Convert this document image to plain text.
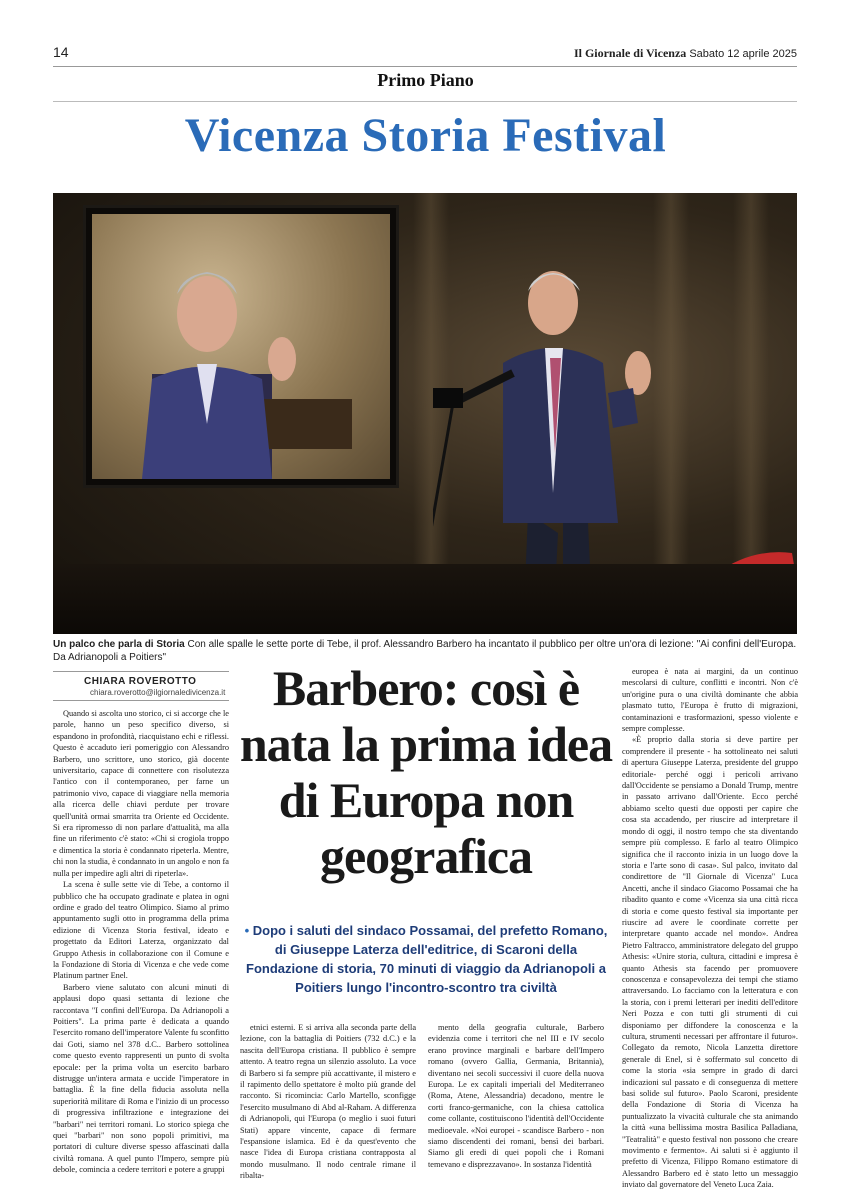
14	Il Giornale di Vicenza Sabato 12 aprile 2025
Primo Piano
Vicenza Storia Festival
Un palco che parla di Storia Con alle spalle le sette porte di Tebe, il prof. Alessandro Barbero ha incantato il pubblico per oltre un'ora di lezione: "Ai confini dell'Europa. Da Adrianopoli a Poitiers"
CHIARA ROVEROTTO
chiara.roverotto@ilgiornaledivicenza.it

Quando si ascolta uno storico, ci si accorge che le parole, hanno un peso specifico diverso, si espandono in profondità, riacquistano echi e riflessi. Questo è accaduto ieri pomeriggio con Alessandro Barbero, uno scrittore, uno storico, già docente universitario, capace di connettere con risolutezza l'antico con il contemporaneo, per farne un patrimonio vivo, capace di viaggiare nella memoria alla ricerca delle chiavi perdute per trovare quell'unità ormai smarrita tra Oriente ed Occidente. Si era ripromesso di non parlare d'attualità, ma alla fine un riferimento c'è stato: «Chi si crogiola troppo e dimentica la storia è condannato ripeterla. Mentre, chi non la studia, è condannato in un angolo e non fa nulla per impedire agli altri di ripeterla».

La scena è sulle sette vie di Tebe, a contorno il pubblico che ha occupato gradinate e platea in ogni ordine e grado del teatro Olimpico. Siamo al primo appuntamento sugli otto in programma della prima edizione di Vicenza Storia festival, ideato e progettato da Editori Laterza, organizzato dal Gruppo Athesis in collaborazione con il Comune e la Fondazione di Storia di Vicenza e che vede come Platinum partner Enel.

Barbero viene salutato con alcuni minuti di applausi dopo quasi settanta di lezione che raccontava "I confini dell'Europa. Da Adrianopoli a Poitiers". La prima parte è dedicata a quando l'esercito romano dell'imperatore Valente fu sconfitto dai Goti, siamo nel 378 d.C.. Barbero sottolinea come questo evento rappresenti un punto di svolta epocale: per la prima volta un esercito barbaro distrugge un'intera armata e uccide l'imperatore in battaglia. È la fine della fiducia assoluta nella superiorità militare di Roma e l'inizio di un processo di progressiva infiltrazione e integrazione dei "barbari" nei territori romani. Lo storico spiega che quei "barbari" non sono popoli primitivi, ma portatori di culture diverse spesso affascinati dalla civiltà romana. A quel punto l'Impero, sempre più debole, comincia a cedere territori e potere a gruppi

Barbero: così è nata la prima idea di Europa non geografica
• Dopo i saluti del sindaco Possamai, del prefetto Romano, di Giuseppe Laterza dell'editrice, di Scaroni della Fondazione di storia, 70 minuti di viaggio da Adrianopoli a Poitiers lungo l'incontro-scontro tra civiltà

etnici esterni. E si arriva alla seconda parte della lezione, con la battaglia di Poitiers (732 d.C.) e la nascita dell'Europa cristiana. Il pubblico è sempre attento. A teatro regna un silenzio assoluto. La voce di Barbero si fa sempre più accattivante, il mistero e il rapimento dello spettatore è molto più grande del racconto. Si ricomincia: Carlo Martello, sconfigge l'esercito musulmano di Abd al-Raham. A differenza di Adrianopoli, qui l'Europa (o meglio i suoi futuri Stati) appare vincente, capace di fermare l'espansione islamica. Ed è da quest'evento che nasce l'idea di Europa cristiana contrapposta al mondo musulmano. Il nodo centrale rimane il ribalta-

mento della geografia culturale, Barbero evidenzia come i territori che nel III e IV secolo erano province marginali e barbare dell'Impero romano (ovvero Gallia, Germania, Britannia), diventano nei secoli successivi il cuore della nuova Europa. Le ex capitali imperiali del Mediterraneo (Roma, Atene, Alessandria) decadono, mentre le corti franco-germaniche, con la chiesa cattolica come collante, costituiscono l'identità dell'Occidente medioevale. «Noi europei - scandisce Barbero - non siamo discendenti dei romani, bensì dei barbari. Siamo gli eredi di quei popoli che i Romani temevano e disprezzavano». In sostanza l'identità

europea è nata ai margini, da un continuo mescolarsi di culture, conflitti e incontri. Non c'è un'origine pura o una civiltà dominante che abbia plasmato tutto, l'Europa è frutto di migrazioni, contaminazioni e trasformazioni, spesso violente e sempre complesse.

«È proprio dalla storia si deve partire per comprendere il presente - ha sottolineato nei saluti di apertura Giuseppe Laterza, presidente del gruppo editoriale- perché oggi i pericoli arrivano dall'Occidente se pensiamo a Donald Trump, mentre in passato arrivano dall'Oriente. Ecco perché abbiamo scelto questi due opposti per capire che cosa sta accadendo, per riuscire ad interpretare il mondo di oggi, il nostro tempo che sta diventando sempre più complesso. E farlo al teatro Olimpico significa che il racconto inizia in un luogo dove la storia e l'arte sono di casa». Sul palco, invitato dal condirettore de "Il Giornale di Vicenza" Luca Ancetti, anche il sindaco Giacomo Possamai che ha ribadito quanto e come «Vicenza sia una città ricca di storia e come questo festival sia importante per riuscire ad avere le coordinate corrette per interpretare quanto accade nel mondo». Andrea Pietro Faltracco, amministratore delegato del gruppo Athesis: «Unire storia, cultura, cittadini e impresa è quanto Athesis sta facendo per promuovere conoscenza e consapevolezza dei tempi che stiamo attraversando. Lo facciamo con la letteratura e con la storia, con i premi letterari per inediti dell'editore Neri Pozza e con tutti gli strumenti di cui disponiamo per diffondere la conoscenza e la cultura, strumenti necessari per affrontare il futuro». Collegato da remoto, Nicola Lanzetta direttore generale di Enel, si è soffermato sul concetto di come la storia «sia sempre in grado di darci indicazioni sul passato e di conseguenza di mettere basi solide sul futuro». Paolo Scaroni, presidente della Fondazione di Storia di Vicenza ha puntualizzato la vivacità culturale che sta animando la città «una bellissima mostra Basilica Palladiana, "Teatralità" e questo festival non possono che creare movimento e fermento». Ai saluti si è aggiunto il prefetto di Vicenza, Filippo Romano estimatore di Alessandro Barbero ed è stato letto un messaggio inviato dal governatore del Veneto Luca Zaia.
